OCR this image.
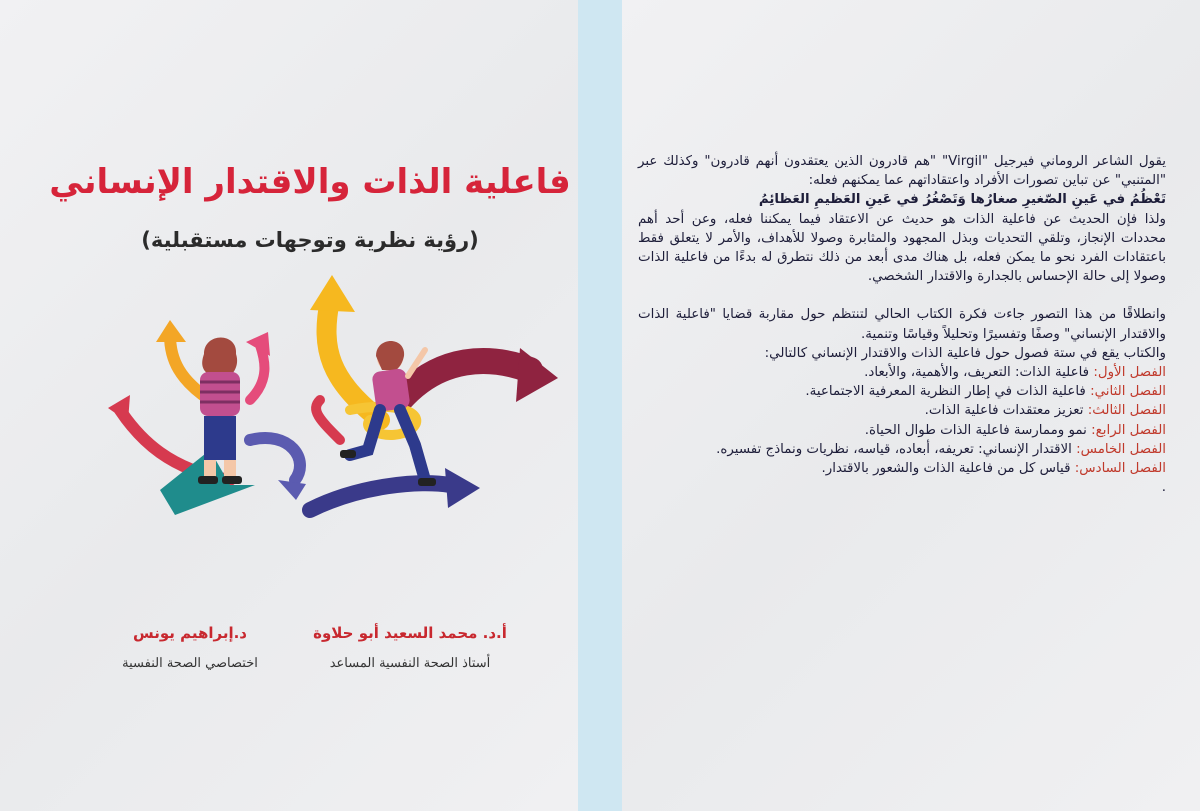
فاعلية الذات والاقتدار الإنساني
(رؤية نظرية وتوجهات مستقبلية)
أ.د. محمد السعيد أبو حلاوة
أستاذ الصحة النفسية المساعد
د.إبراهيم يونس
اختصاصي الصحة النفسية

يقول الشاعر الروماني فيرجيل "Virgil" "هم قادرون الذين يعتقدون أنهم قادرون" وكذلك عبر "المتنبي" عن تباين تصورات الأفراد واعتقاداتهم عما يمكنهم فعله:

تَعْظُمُ في عَينِ الصّغيرِ صغارُها وَتَصْغُرُ في عَينِ العَظيمِ العَظائِمُ

ولذا فإن الحديث عن فاعلية الذات هو حديث عن الاعتقاد فيما يمكننا فعله، وعن أحد أهم محددات الإنجاز، وتلقي التحديات وبذل المجهود والمثابرة وصولا للأهداف، والأمر لا يتعلق فقط باعتقادات الفرد نحو ما يمكن فعله، بل هناك مدى أبعد من ذلك نتطرق له بدءًا من فاعلية الذات وصولا إلى حالة الإحساس بالجدارة والاقتدار الشخصي.

وانطلاقًا من هذا التصور جاءت فكرة الكتاب الحالي لتنتظم حول مقاربة قضايا "فاعلية الذات والاقتدار الإنساني" وصفًا وتفسيرًا وتحليلاً وقياسًا وتنمية.

والكتاب يقع في ستة فصول حول فاعلية الذات والاقتدار الإنساني كالتالي:

الفصل الأول: فاعلية الذات: التعريف، والأهمية، والأبعاد.

الفصل الثاني: فاعلية الذات في إطار النظرية المعرفية الاجتماعية.

الفصل الثالث: تعزيز معتقدات فاعلية الذات.

الفصل الرابع: نمو وممارسة فاعلية الذات طوال الحياة.

الفصل الخامس: الاقتدار الإنساني: تعريفه، أبعاده، قياسه، نظريات ونماذج تفسيره.

الفصل السادس: قياس كل من فاعلية الذات والشعور بالاقتدار.

.
